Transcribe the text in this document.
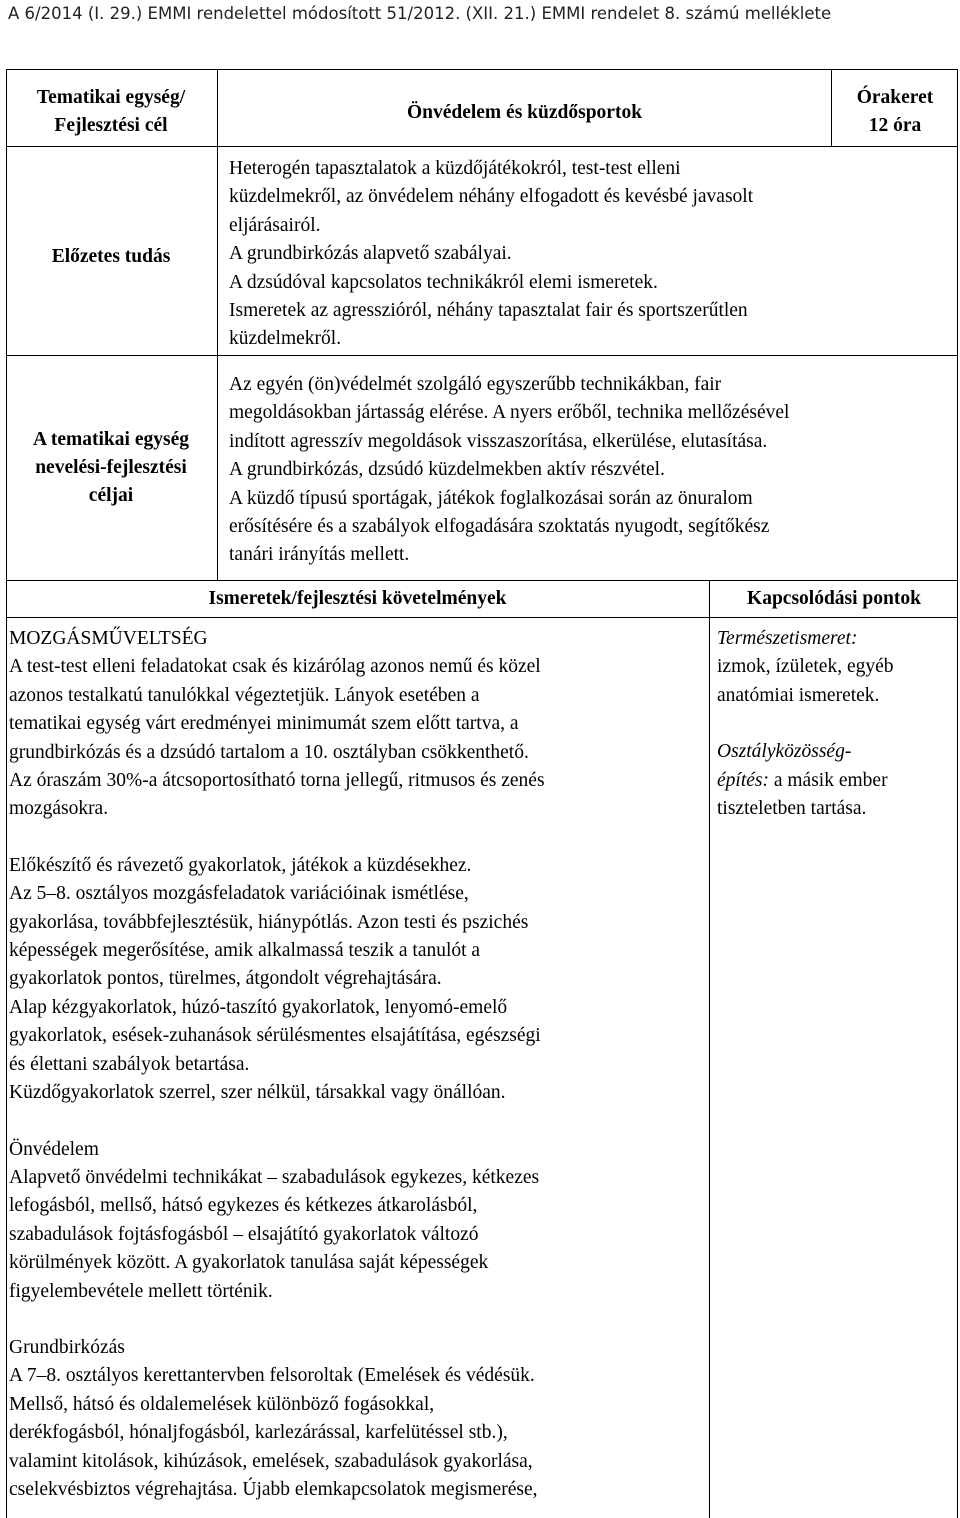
A 6/2014 (I. 29.) EMMI rendelettel módosított 51/2012. (XII. 21.) EMMI rendelet 8. számú melléklete
Tematikai egység/
Fejlesztési cél
Önvédelem és küzdősportok
Órakeret
12 óra
Előzetes tudás
Heterogén tapasztalatok a küzdőjátékokról, test-test elleni
küzdelmekről, az önvédelem néhány elfogadott és kevésbé javasolt
eljárásairól.
A grundbirkózás alapvető szabályai.
A dzsúdóval kapcsolatos technikákról elemi ismeretek.
Ismeretek az agresszióról, néhány tapasztalat fair és sportszerűtlen
küzdelmekről.
A tematikai egység
nevelési-fejlesztési
céljai
Az egyén (ön)védelmét szolgáló egyszerűbb technikákban, fair
megoldásokban jártasság elérése. A nyers erőből, technika mellőzésével
indított agresszív megoldások visszaszorítása, elkerülése, elutasítása.
A grundbirkózás, dzsúdó küzdelmekben aktív részvétel.
A küzdő típusú sportágak, játékok foglalkozásai során az önuralom
erősítésére és a szabályok elfogadására szoktatás nyugodt, segítőkész
tanári irányítás mellett.
Ismeretek/fejlesztési követelmények	Kapcsolódási pontok
MOZGÁSMŰVELTSÉG
A test-test elleni feladatokat csak és kizárólag azonos nemű és közel
azonos testalkatú tanulókkal végeztetjük. Lányok esetében a
tematikai egység várt eredményei minimumát szem előtt tartva, a
grundbirkózás és a dzsúdó tartalom a 10. osztályban csökkenthető.
Az óraszám 30%-a átcsoportosítható torna jellegű, ritmusos és zenés
mozgásokra.
Előkészítő és rávezető gyakorlatok, játékok a küzdésekhez.
Az 5–8. osztályos mozgásfeladatok variációinak ismétlése,
gyakorlása, továbbfejlesztésük, hiánypótlás. Azon testi és pszichés
képességek megerősítése, amik alkalmassá teszik a tanulót a
gyakorlatok pontos, türelmes, átgondolt végrehajtására.
Alap kézgyakorlatok, húzó-taszító gyakorlatok, lenyomó-emelő
gyakorlatok, esések-zuhanások sérülésmentes elsajátítása, egészségi
és élettani szabályok betartása.
Küzdőgyakorlatok szerrel, szer nélkül, társakkal vagy önállóan.
Önvédelem
Alapvető önvédelmi technikákat – szabadulások egykezes, kétkezes
lefogásból, mellső, hátsó egykezes és kétkezes átkarolásból,
szabadulások fojtásfogásból – elsajátító gyakorlatok változó
körülmények között. A gyakorlatok tanulása saját képességek
figyelembevétele mellett történik.
Grundbirkózás
A 7–8. osztályos kerettantervben felsoroltak (Emelések és védésük.
Mellső, hátsó és oldalemelések különböző fogásokkal,
derékfogásból, hónaljfogásból, karlezárással, karfelütéssel stb.),
valamint kitolások, kihúzások, emelések, szabadulások gyakorlása,
cselekvésbiztos végrehajtása. Újabb elemkapcsolatok megismerése,
Természetismeret:
izmok, ízületek, egyéb
anatómiai ismeretek.
Osztályközösség-
építés: a másik ember
tiszteletben tartása.
